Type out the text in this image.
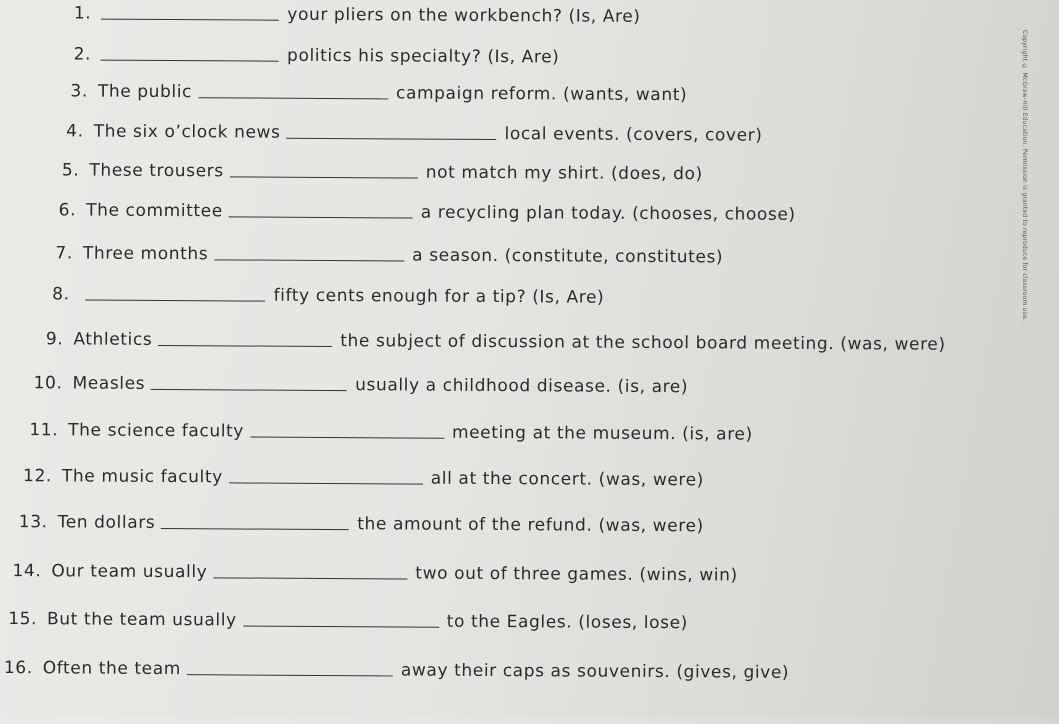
1.	your pliers on the workbench? (Is, Are)
2.	politics his specialty? (Is, Are)
3. The public	campaign reform. (wants, want)
4. The six o’clock news	local events. (covers, cover)
5. These trousers	not match my shirt. (does, do)
6. The committee	a recycling plan today. (chooses, choose)
7. Three months	a season. (constitute, constitutes)
8.	fifty cents enough for a tip? (Is, Are)
9. Athletics	the subject of discussion at the school board meeting. (was, were)
10. Measles	usually a childhood disease. (is, are)
11. The science faculty	meeting at the museum. (is, are)
12. The music faculty	all at the concert. (was, were)
13. Ten dollars	the amount of the refund. (was, were)
14. Our team usually	two out of three games. (wins, win)
15. But the team usually	to the Eagles. (loses, lose)
16. Often the team	away their caps as souvenirs. (gives, give)
Copyright © McGraw-Hill Education. Permission is granted to reproduce for classroom use.
